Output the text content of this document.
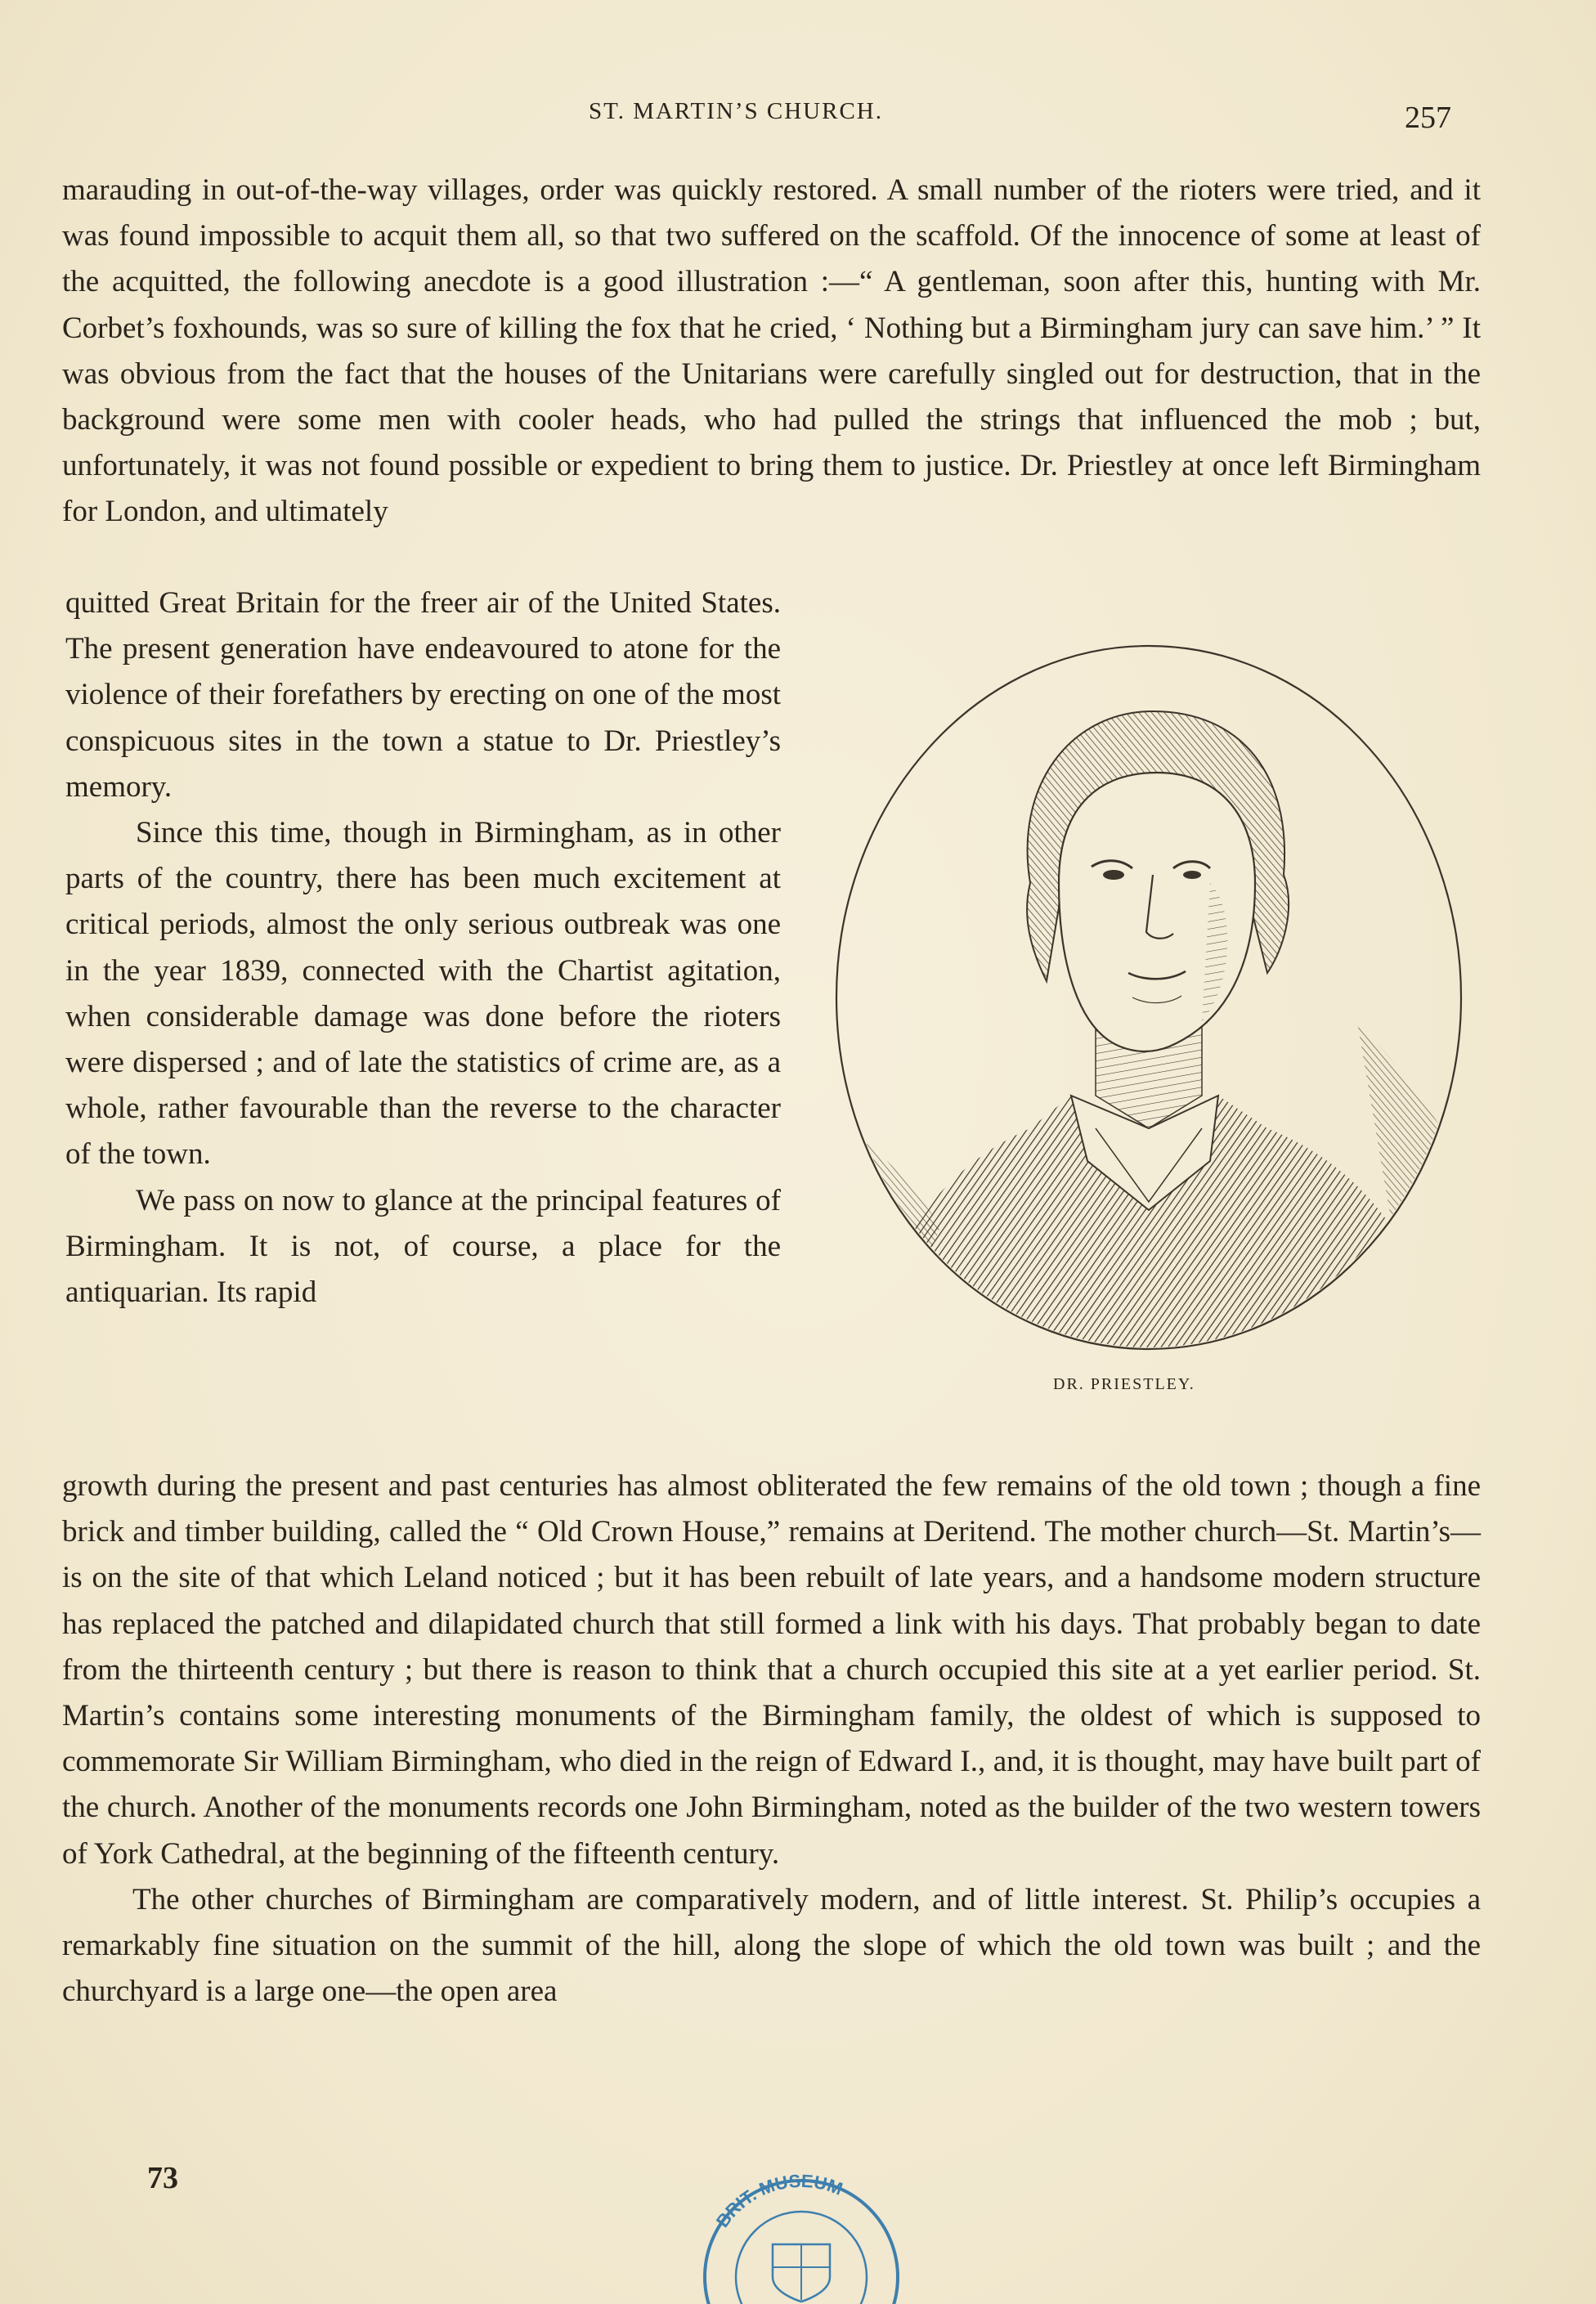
ST. MARTIN’S CHURCH.	257

marauding in out-of-the-way villages, order was quickly restored. A small number of the rioters were tried, and it was found impossible to acquit them all, so that two suffered on the scaffold. Of the innocence of some at least of the acquitted, the following anecdote is a good illustration :—“ A gentleman, soon after this, hunting with Mr. Corbet’s foxhounds, was so sure of killing the fox that he cried, ‘ Nothing but a Birmingham jury can save him.’ ” It was obvious from the fact that the houses of the Unitarians were carefully singled out for destruction, that in the background were some men with cooler heads, who had pulled the strings that influenced the mob ; but, unfortunately, it was not found possible or expedient to bring them to justice. Dr. Priestley at once left Birmingham for London, and ultimately

quitted Great Britain for the freer air of the United States. The present generation have endeavoured to atone for the violence of their forefathers by erecting on one of the most conspicuous sites in the town a statue to Dr. Priestley’s memory.

Since this time, though in Birmingham, as in other parts of the country, there has been much excitement at critical periods, almost the only serious outbreak was one in the year 1839, connected with the Chartist agitation, when considerable damage was done before the rioters were dispersed ; and of late the statistics of crime are, as a whole, rather favourable than the reverse to the character of the town.

We pass on now to glance at the principal features of Birmingham. It is not, of course, a place for the antiquarian. Its rapid

DR. PRIESTLEY.

growth during the present and past centuries has almost obliterated the few remains of the old town ; though a fine brick and timber building, called the “ Old Crown House,” remains at Deritend. The mother church—St. Martin’s—is on the site of that which Leland noticed ; but it has been rebuilt of late years, and a handsome modern structure has replaced the patched and dilapidated church that still formed a link with his days. That probably began to date from the thirteenth century ; but there is reason to think that a church occupied this site at a yet earlier period. St. Martin’s contains some interesting monuments of the Birmingham family, the oldest of which is supposed to commemorate Sir William Birmingham, who died in the reign of Edward I., and, it is thought, may have built part of the church. Another of the monuments records one John Birmingham, noted as the builder of the two western towers of York Cathedral, at the beginning of the fifteenth century.

The other churches of Birmingham are comparatively modern, and of little interest. St. Philip’s occupies a remarkably fine situation on the summit of the hill, along the slope of which the old town was built ; and the churchyard is a large one—the open area

73
BRIT. MUSEUM
